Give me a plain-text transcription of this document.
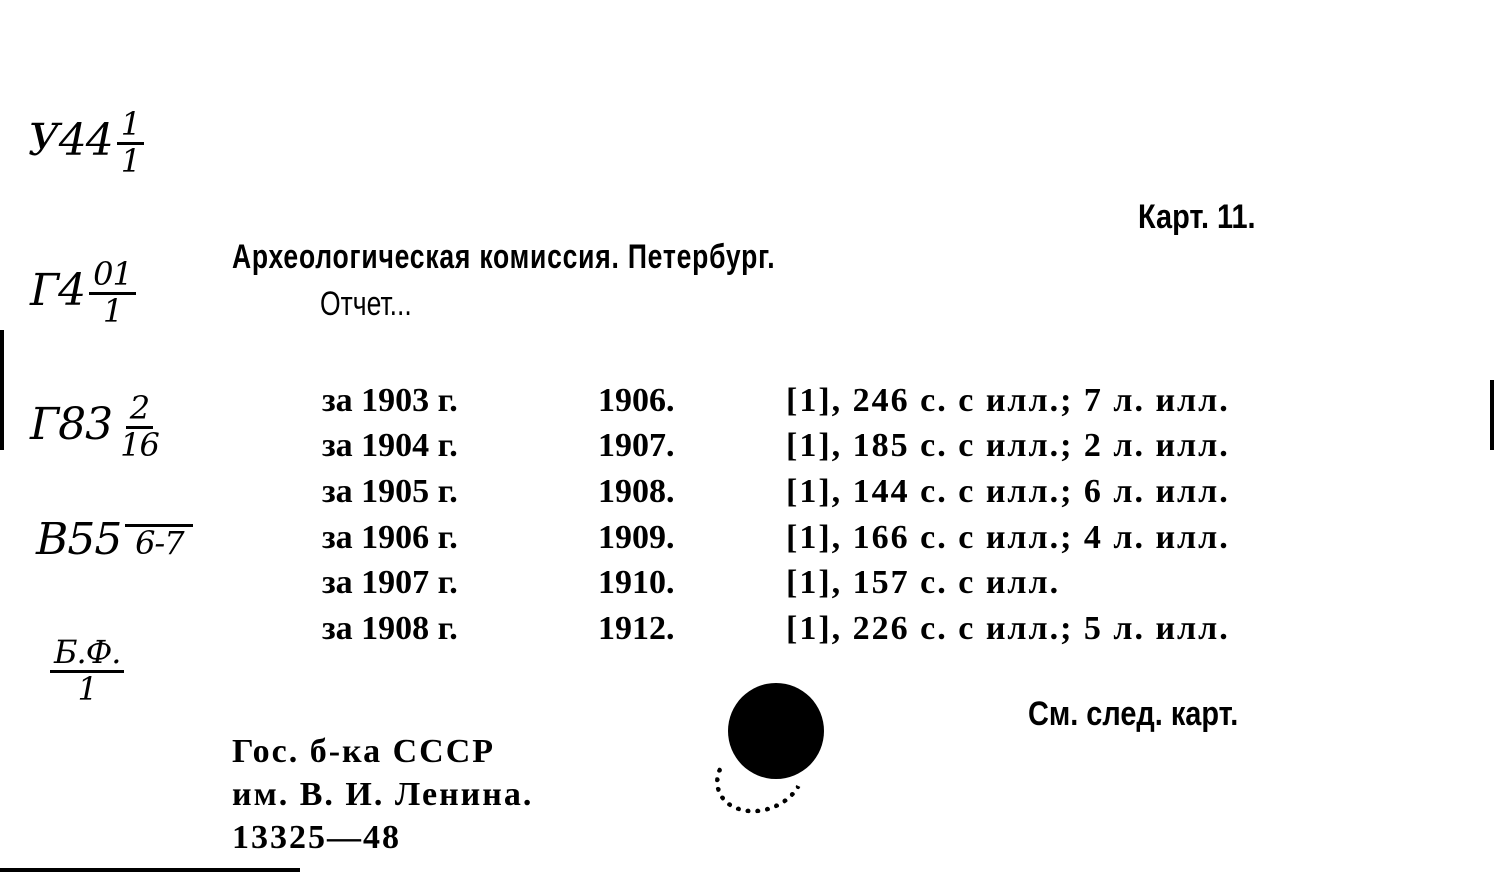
$У44 \frac{1}{1}$
$Г4 \frac{01}{1}$
$Г83 \frac{2}{16}$
В55 6-7
$\frac{Б.Ф.}{1}$
Карт. 11.
Археологическая комиссия. Петербург.
Отчет...
за 1903 г.	1906.	[1], 246 с. с илл.; 7 л. илл.
за 1904 г.	1907.	[1], 185 с. с илл.; 2 л. илл.
за 1905 г.	1908.	[1], 144 с. с илл.; 6 л. илл.
за 1906 г.	1909.	[1], 166 с. с илл.; 4 л. илл.
за 1907 г.	1910.	[1], 157 с. с илл.
за 1908 г.	1912.	[1], 226 с. с илл.; 5 л. илл.
См. след. карт.
Гос. б-ка СССР
им. В. И. Ленина.
13325—48
